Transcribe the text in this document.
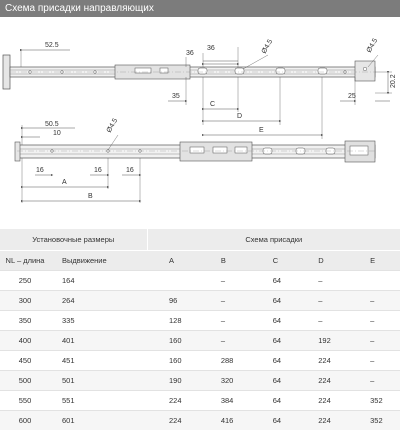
Схема присадки направляющих
52.5
36
36	Ø4.5	Ø4.5
35
C
D
E
25
20.2
50.5
10	Ø4.5
16	16	16
A
B
Установочные размеры		Схема присадки				
NL – длина	Выдвижение	A	B	C	D	E
250	164		–	64	–	
300	264	96	–	64	–	–
350	335	128	–	64	–	–
400	401	160	–	64	192	–
450	451	160	288	64	224	–
500	501	190	320	64	224	–
550	551	224	384	64	224	352
600	601	224	416	64	224	352
